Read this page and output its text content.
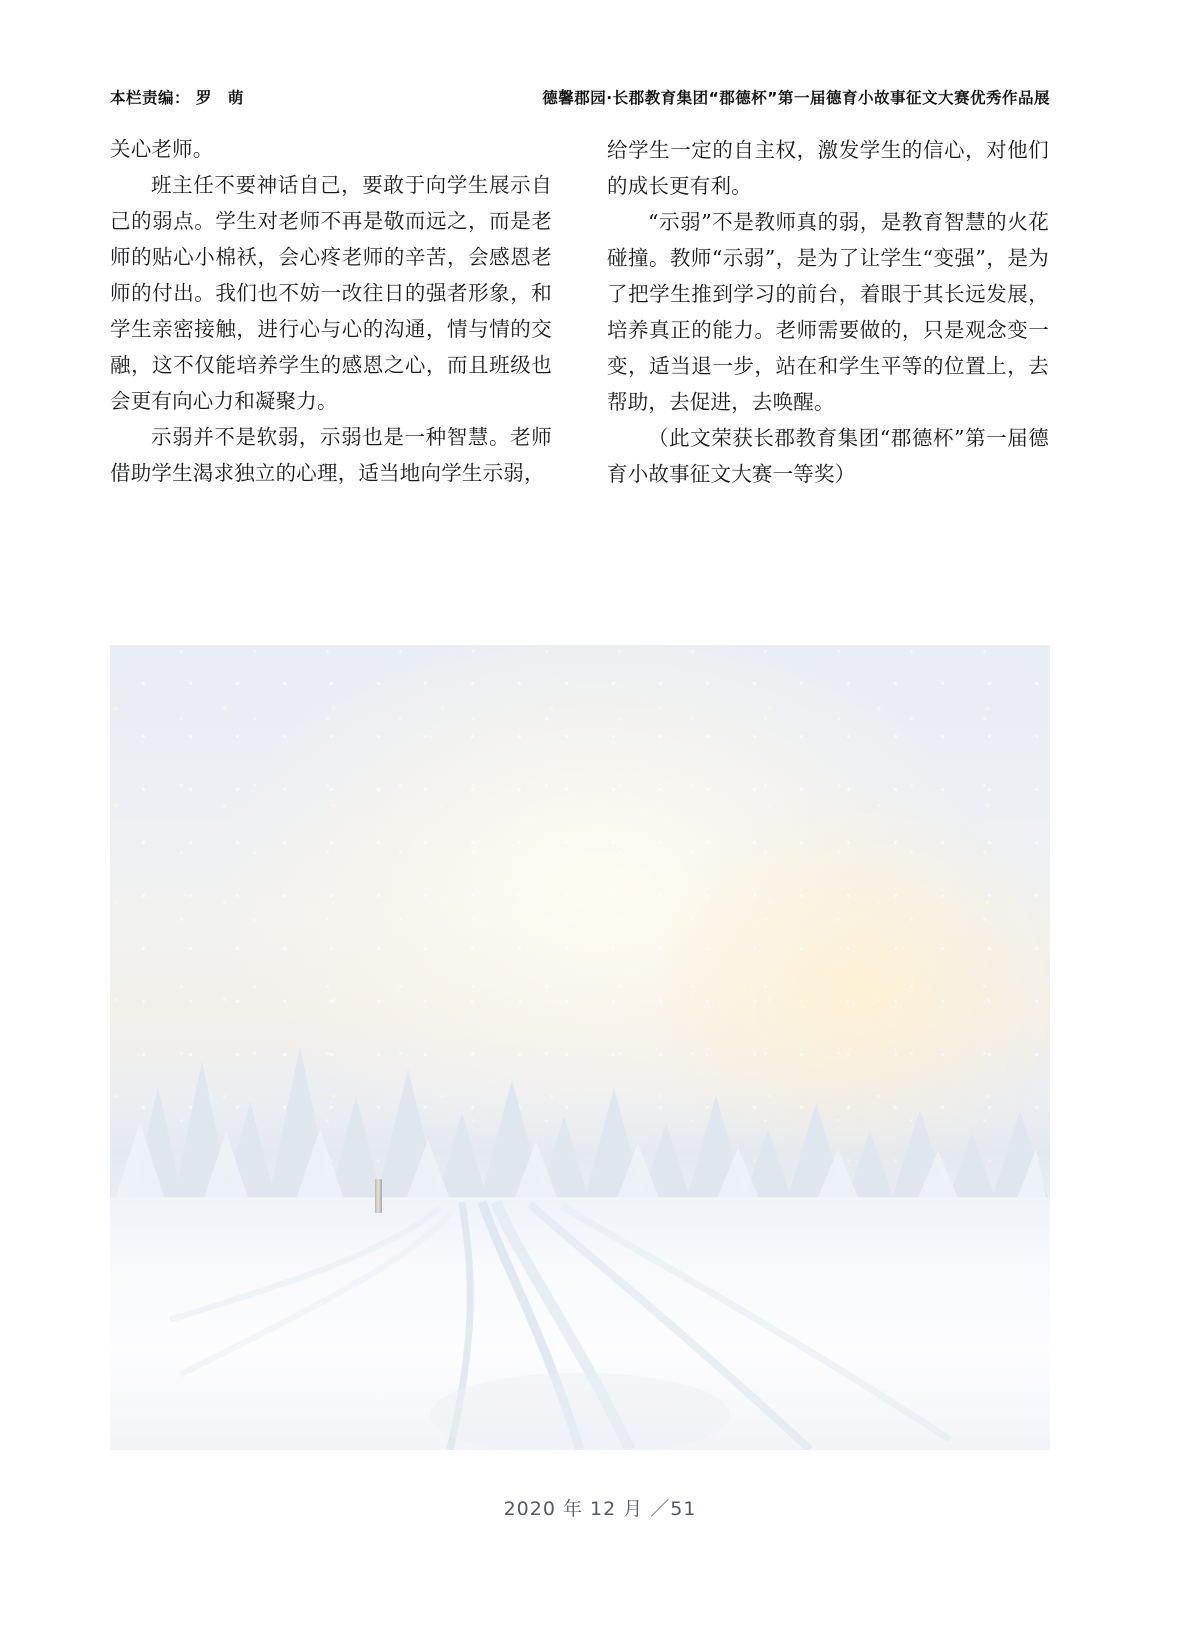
本栏责编： 罗　萌	德馨郡园·长郡教育集团“郡德杯”第一届德育小故事征文大赛优秀作品展

关心老师。

班主任不要神话自己，要敢于向学生展示自己的弱点。学生对老师不再是敬而远之，而是老师的贴心小棉袄，会心疼老师的辛苦，会感恩老师的付出。我们也不妨一改往日的强者形象，和学生亲密接触，进行心与心的沟通，情与情的交融，这不仅能培养学生的感恩之心，而且班级也会更有向心力和凝聚力。

示弱并不是软弱，示弱也是一种智慧。老师借助学生渴求独立的心理，适当地向学生示弱，

给学生一定的自主权，激发学生的信心，对他们的成长更有利。

“示弱”不是教师真的弱，是教育智慧的火花碰撞。教师“示弱”，是为了让学生“变强”，是为了把学生推到学习的前台，着眼于其长远发展，培养真正的能力。老师需要做的，只是观念变一变，适当退一步，站在和学生平等的位置上，去帮助，去促进，去唤醒。

（此文荣获长郡教育集团“郡德杯”第一届德育小故事征文大赛一等奖）

2020 年 12 月 ／51
